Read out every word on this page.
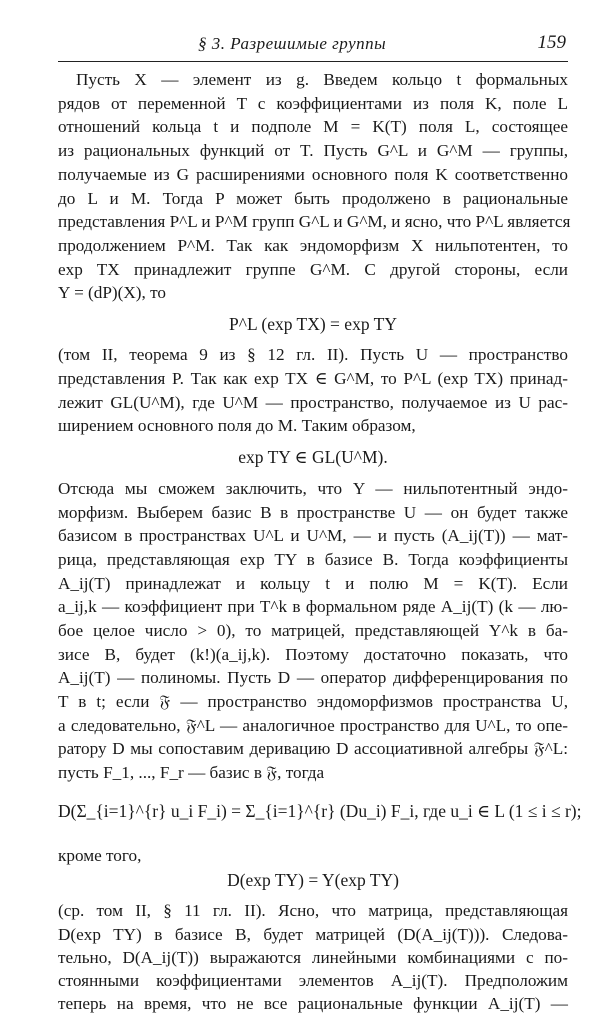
§ 3. Разрешимые группы	159
Пусть X — элемент из g. Введем кольцо t формальных
рядов от переменной T с коэффициентами из поля K, поле L
отношений кольца t и подполе M = K(T) поля L, состоящее
из рациональных функций от T. Пусть G^L и G^M — группы,
получаемые из G расширениями основного поля K соответственно
до L и M. Тогда P может быть продолжено в рациональные
представления P^L и P^M групп G^L и G^M, и ясно, что P^L является
продолжением P^M. Так как эндоморфизм X нильпотентен, то
exp TX принадлежит группе G^M. С другой стороны, если
Y = (dP)(X), то
P^L (exp TX) = exp TY
(том II, теорема 9 из § 12 гл. II). Пусть U — пространство
представления P. Так как exp TX ∈ G^M, то P^L (exp TX) принад-
лежит GL(U^M), где U^M — пространство, получаемое из U рас-
ширением основного поля до M. Таким образом,
exp TY ∈ GL(U^M).
Отсюда мы сможем заключить, что Y — нильпотентный эндо-
морфизм. Выберем базис B в пространстве U — он будет также
базисом в пространствах U^L и U^M, — и пусть (A_ij(T)) — мат-
рица, представляющая exp TY в базисе B. Тогда коэффициенты
A_ij(T) принадлежат и кольцу t и полю M = K(T). Если
a_ij,k — коэффициент при T^k в формальном ряде A_ij(T) (k — лю-
бое целое число > 0), то матрицей, представляющей Y^k в ба-
зисе B, будет (k!)(a_ij,k). Поэтому достаточно показать, что
A_ij(T) — полиномы. Пусть D — оператор дифференцирования по
T в t; если 𝔉 — пространство эндоморфизмов пространства U,
а следовательно, 𝔉^L — аналогичное пространство для U^L, то опе-
ратору D мы сопоставим деривацию D ассоциативной алгебры 𝔉^L:
пусть F_1, ..., F_r — базис в 𝔉, тогда
D(Σ_{i=1}^{r} u_i F_i) = Σ_{i=1}^{r} (Du_i) F_i, где u_i ∈ L (1 ≤ i ≤ r);
кроме того,
D(exp TY) = Y(exp TY)
(ср. том II, § 11 гл. II). Ясно, что матрица, представляющая
D(exp TY) в базисе B, будет матрицей (D(A_ij(T))). Следова-
тельно, D(A_ij(T)) выражаются линейными комбинациями с по-
стоянными коэффициентами элементов A_ij(T). Предположим
теперь на время, что не все рациональные функции A_ij(T) —
